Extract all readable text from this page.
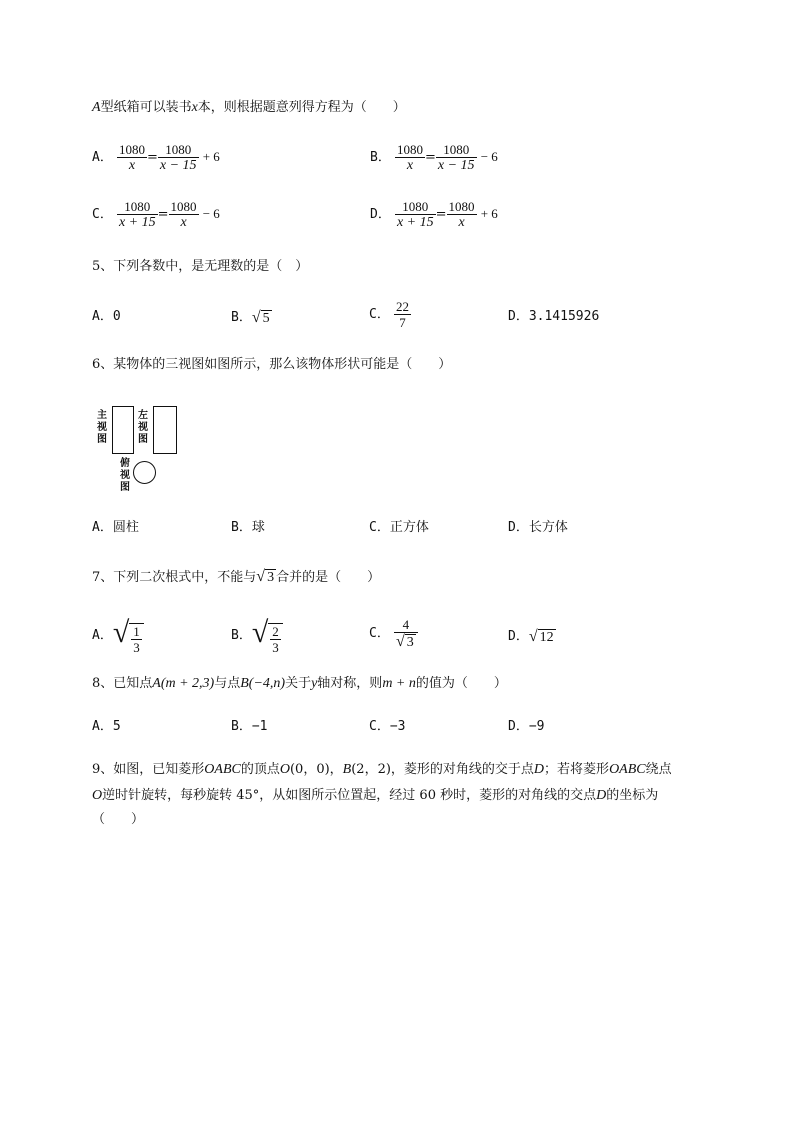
A型纸箱可以装书x本，则根据题意列得方程为（　　）
A． $\frac{1080}{x} = \frac{1080}{x - 15} + 6$	B． $\frac{1080}{x} = \frac{1080}{x - 15} - 6$
C． $\frac{1080}{x + 15} = \frac{1080}{x} - 6$	D． $\frac{1080}{x + 15} = \frac{1080}{x} + 6$
5、下列各数中，是无理数的是（　）
A．0	B．√ 5	C． $\frac{22}{7}$	D．3.1415926
6、某物体的三视图如图所示，那么该物体形状可能是（　　）
主
视
图
左
视
图
俯
视
图
A．圆柱	B．球	C．正方体	D．长方体
7、下列二次根式中，不能与√ 3 合并的是（　　）
A．√ $\frac{1}{3}$	B．√ $\frac{2}{3}$	C． $\frac{4}{√ 3}$	D．√ 12
8、已知点A(m + 2,3)与点B(−4,n)关于y轴对称，则m + n的值为（　　）
A．5	B．−1	C．−3	D．−9
9、如图，已知菱形OABC的顶点O(0，0)，B(2，2)，菱形的对角线的交于点D；若将菱形OABC绕点
O逆时针旋转，每秒旋转 45°，从如图所示位置起，经过 60 秒时，菱形的对角线的交点D的坐标为
（　　）
